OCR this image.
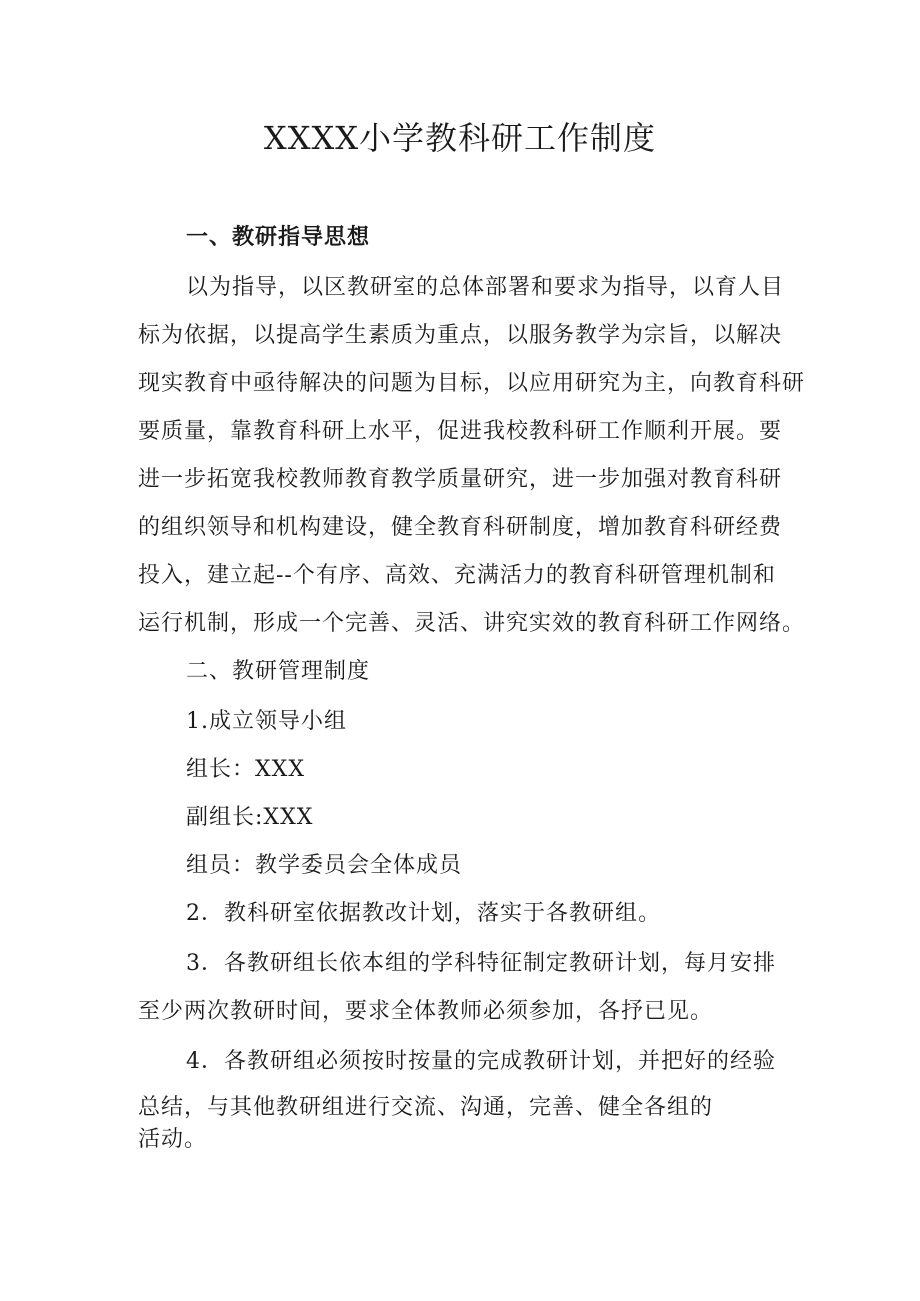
XXXX小学教科研工作制度
一、教研指导思想
以为指导，以区教研室的总体部署和要求为指导，以育人目
标为依据，以提高学生素质为重点，以服务教学为宗旨，以解决
现实教育中亟待解决的问题为目标，以应用研究为主，向教育科研
要质量，靠教育科研上水平，促进我校教科研工作顺利开展。要
进一步拓宽我校教师教育教学质量研究，进一步加强对教育科研
的组织领导和机构建设，健全教育科研制度，增加教育科研经费
投入，建立起--个有序、高效、充满活力的教育科研管理机制和
运行机制，形成一个完善、灵活、讲究实效的教育科研工作网络。
二、教研管理制度
1.成立领导小组
组长：XXX
副组长:XXX
组员：教学委员会全体成员
2．教科研室依据教改计划，落实于各教研组。
3．各教研组长依本组的学科特征制定教研计划，每月安排
至少两次教研时间，要求全体教师必须参加，各抒已见。
4．各教研组必须按时按量的完成教研计划，并把好的经验
总结，与其他教研组进行交流、沟通，完善、健全各组的
活动。
